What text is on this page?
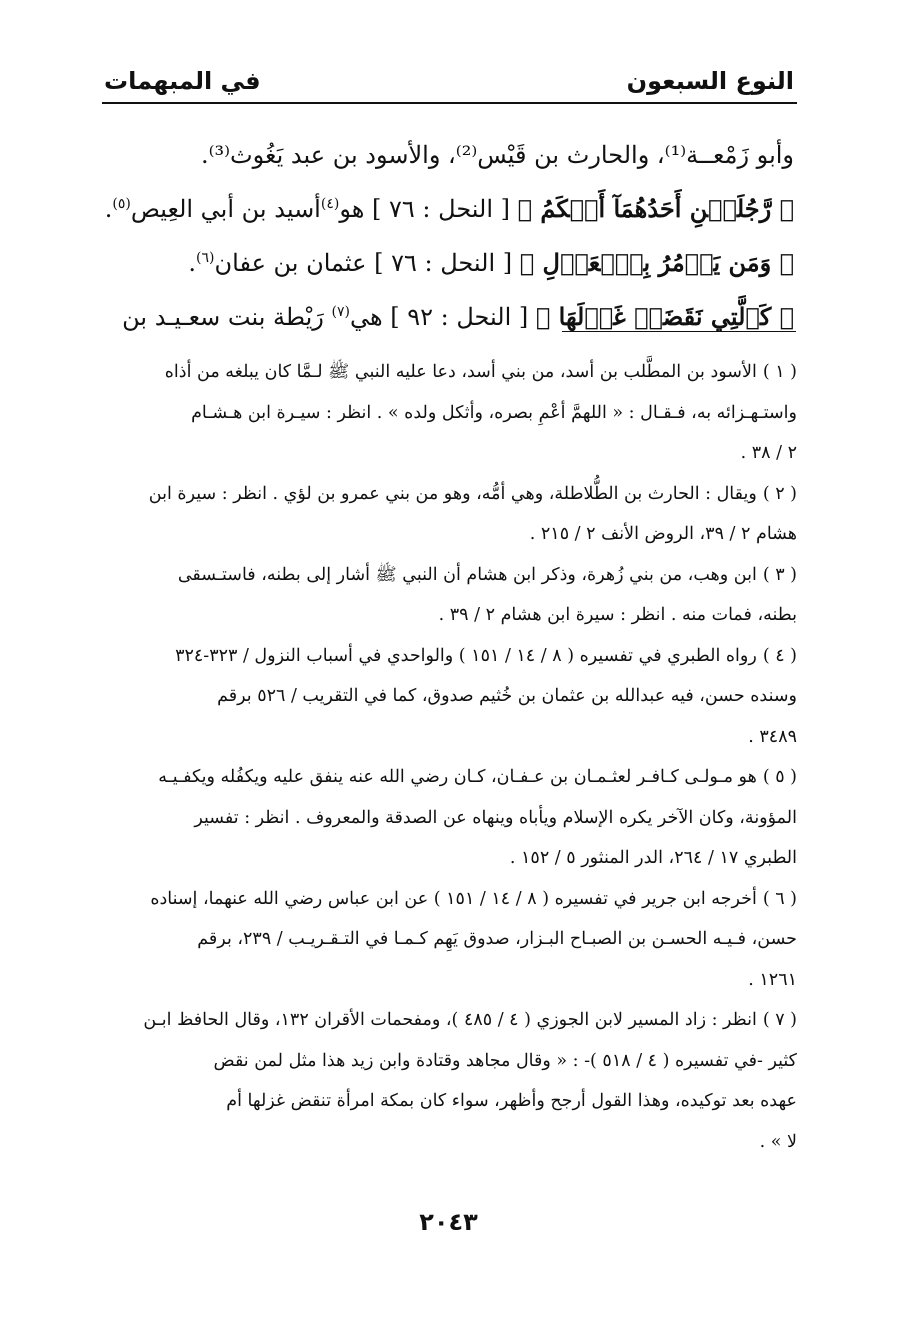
النوع السبعون
في المبهمات
وأبو زَمْعــة⁽¹⁾، والحارث بن قَيْس⁽²⁾، والأسود بن عبد يَغُوث⁽³⁾.
﴿ رَّجُلَيۡنِ أَحَدُهُمَآ أَبۡكَمُ ﴾ [ النحل : ٧٦ ] هو$^{(٤)}$أسيد بن أبي العِيص$^{(٥)}$.
﴿ وَمَن يَأۡمُرُ بِٱلۡعَدۡلِ ﴾ [ النحل : ٧٦ ] عثمان بن عفان$^{(٦)}$.
﴿ كَٱلَّتِي نَقَضَتۡ غَزۡلَهَا ﴾ [ النحل : ٩٢ ] هي$^{(٧)}$ رَيْطة بنت سعـيـد بن
( ١ )الأسود بن المطَّلب بن أسد، من بني أسد، دعا عليه النبي ﷺ لـمَّا كان يبلغه من أذاه
واستـهـزائه به، فـقـال : « اللهمَّ أعْمِ بصره، وأثكل ولده » . انظر : سيـرة ابن هـشـام
٢ / ٣٨ .
( ٢ )ويقال : الحارث بن الطُّلاطلة، وهي أمُّه، وهو من بني عمرو بن لؤي . انظر : سيرة ابن
هشام ٢ / ٣٩، الروض الأنف ٢ / ٢١٥ .
( ٣ )ابن وهب، من بني زُهرة، وذكر ابن هشام أن النبي ﷺ أشار إلى بطنه، فاستـسقى
بطنه، فمات منه . انظر : سيرة ابن هشام ٢ / ٣٩ .
( ٤ )رواه الطبري في تفسيره ( ٨ / ١٤ / ١٥١ ) والواحدي في أسباب النزول / ٣٢٣-٣٢٤
وسنده حسن، فيه عبدالله بن عثمان بن خُثيم صدوق، كما في التقريب / ٥٢٦ برقم
٣٤٨٩ .
( ٥ )هو مـولـى كـافـر لعثـمـان بن عـفـان، كـان رضي الله عنه ينفق عليه ويكفُله ويكفـيـه
المؤونة، وكان الآخر يكره الإسلام ويأباه وينهاه عن الصدقة والمعروف . انظر : تفسير
الطبري ١٧ / ٢٦٤، الدر المنثور ٥ / ١٥٢ .
( ٦ )أخرجه ابن جرير في تفسيره ( ٨ / ١٤ / ١٥١ ) عن ابن عباس رضي الله عنهما، إسناده
حسن، فـيـه الحسـن بن الصبـاح البـزار، صدوق يَهِم كـمـا في التـقـريـب / ٢٣٩، برقم
١٢٦١ .
( ٧ )انظر : زاد المسير لابن الجوزي ( ٤ / ٤٨٥ )، ومفحمات الأقران ١٣٢، وقال الحافظ ابـن
كثير -في تفسيره ( ٤ / ٥١٨ )- : « وقال مجاهد وقتادة وابن زيد هذا مثل لمن نقض
عهده بعد توكيده، وهذا القول أرجح وأظهر، سواء كان بمكة امرأة تنقض غزلها أم
لا » .
٢٠٤٣
